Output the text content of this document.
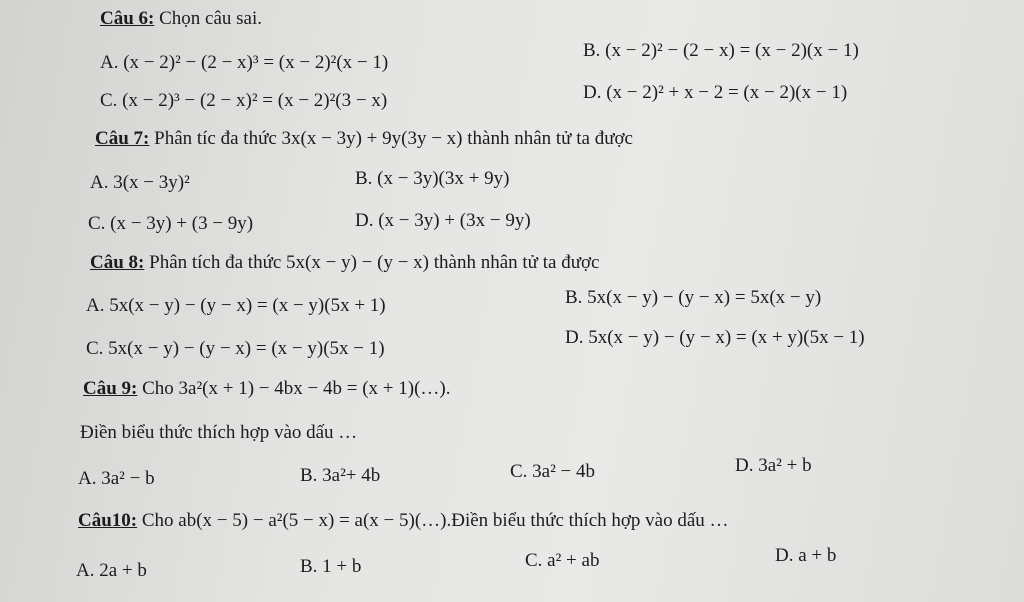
Câu 6: Chọn câu sai.
A. (x − 2)² − (2 − x)³ = (x − 2)²(x − 1)
B. (x − 2)² − (2 − x) = (x − 2)(x − 1)
C. (x − 2)³ − (2 − x)² = (x − 2)²(3 − x)	D. (x − 2)² + x − 2 = (x − 2)(x − 1)
Câu 7: Phân tíc đa thức 3x(x − 3y) + 9y(3y − x) thành nhân tử ta được
A. 3(x − 3y)²	B. (x − 3y)(3x + 9y)
C. (x − 3y) + (3 − 9y)	D. (x − 3y) + (3x − 9y)
Câu 8: Phân tích đa thức 5x(x − y) − (y − x) thành nhân tử ta được
A. 5x(x − y) − (y − x) = (x − y)(5x + 1)	B. 5x(x − y) − (y − x) = 5x(x − y)
C. 5x(x − y) − (y − x) = (x − y)(5x − 1)
D. 5x(x − y) − (y − x) = (x + y)(5x − 1)
Câu 9: Cho 3a²(x + 1) − 4bx − 4b = (x + 1)(…).
Điền biểu thức thích hợp vào dấu …
A. 3a² − b	B. 3a²+ 4b	C. 3a² − 4b	D. 3a² + b
Câu10: Cho ab(x − 5) − a²(5 − x) = a(x − 5)(…).Điền biểu thức thích hợp vào dấu …
A. 2a + b	B. 1 + b	C. a² + ab	D. a + b
